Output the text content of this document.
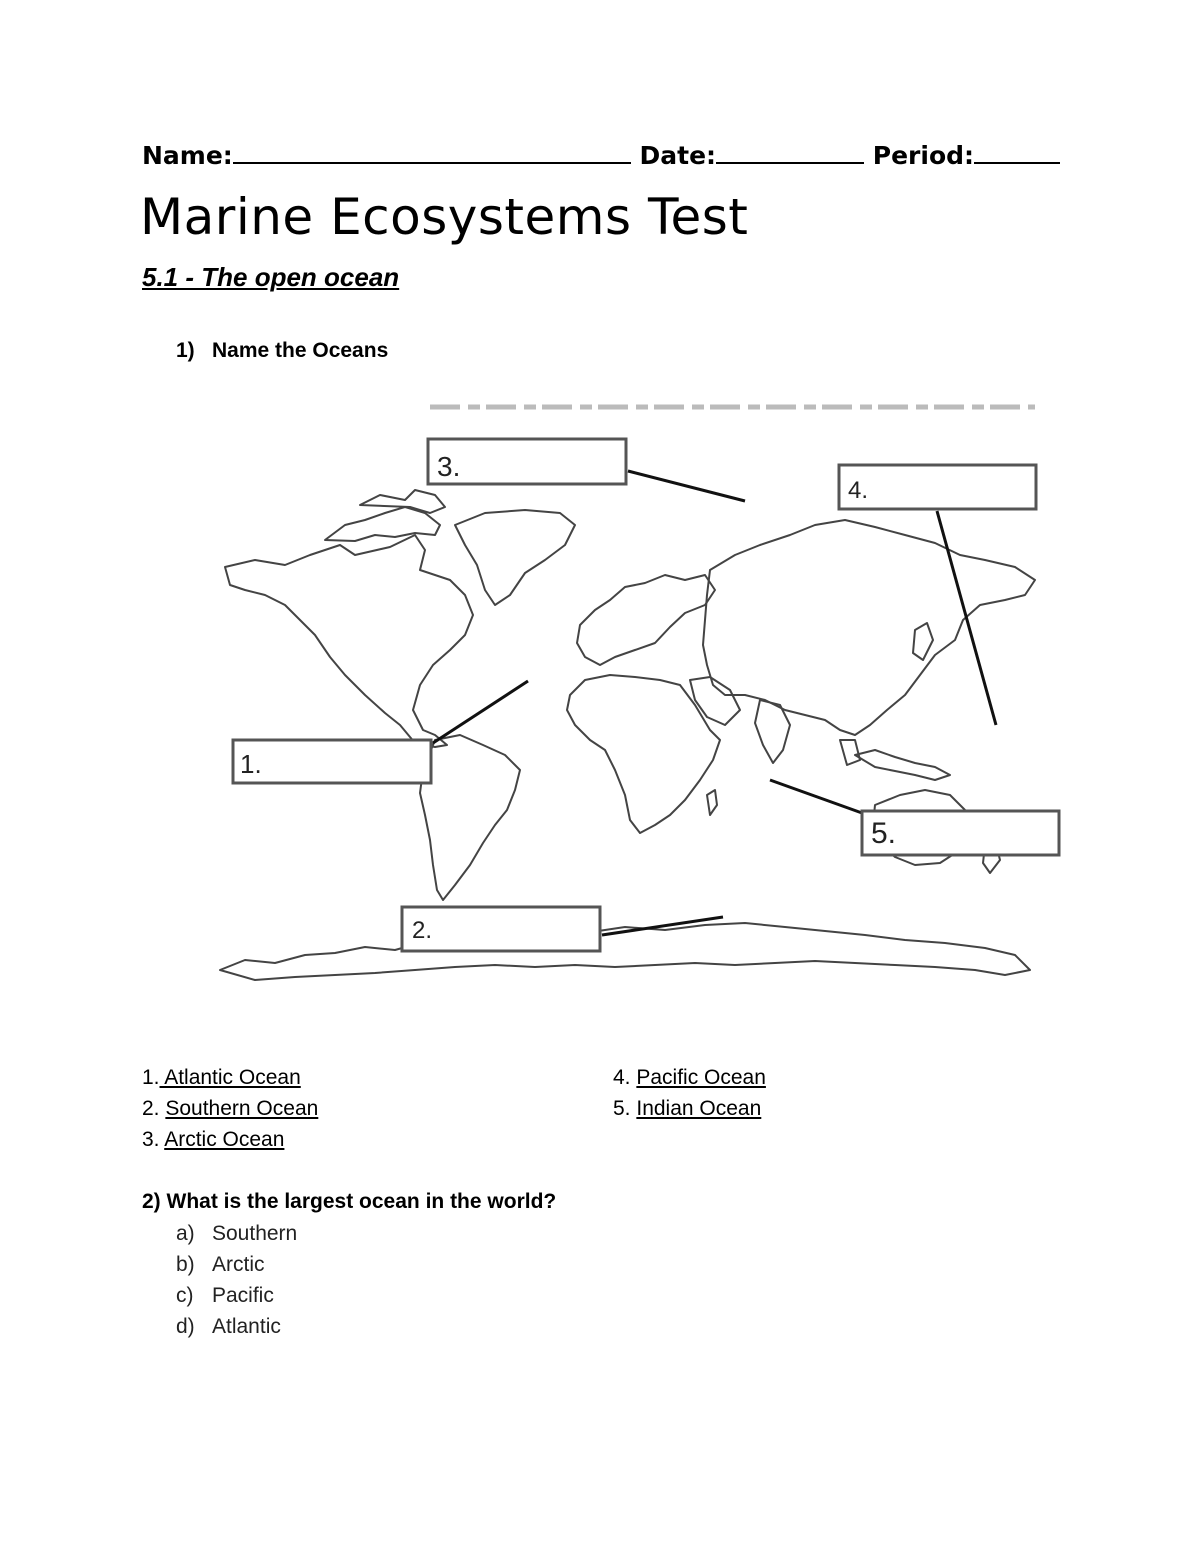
Name:	Date:	Period:
Marine Ecosystems Test
5.1 - The open ocean
1) Name the Oceans
3.
4.
1.
5.
2.
1. Atlantic Ocean
2. Southern Ocean
3. Arctic Ocean
4. Pacific Ocean
5. Indian Ocean
2) What is the largest ocean in the world?
a) Southern
b) Arctic
c) Pacific
d) Atlantic
